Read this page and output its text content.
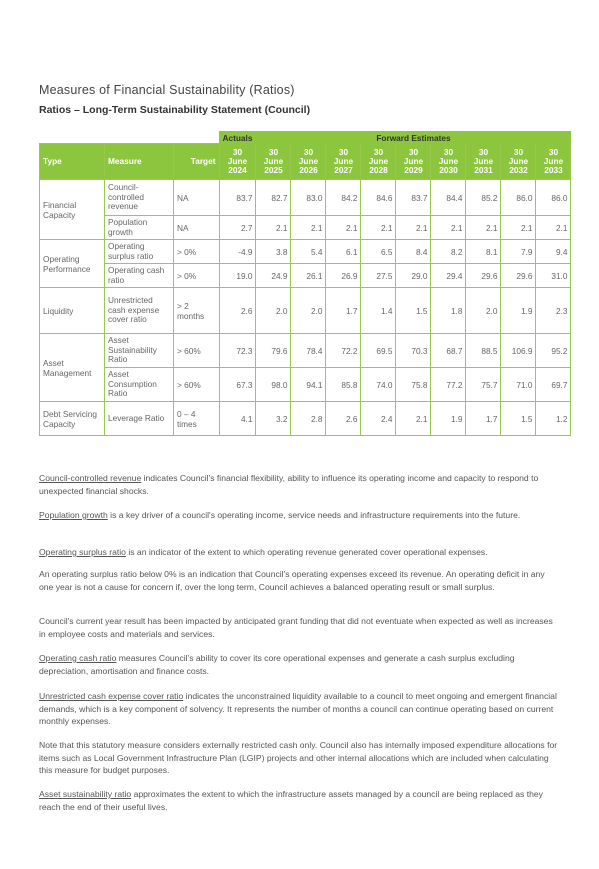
Measures of Financial Sustainability (Ratios)
Ratios – Long-Term Sustainability Statement (Council)
			Actuals	Forward Estimates								
Type	Measure	Target	30 June 2024	30 June 2025	30 June 2026	30 June 2027	30 June 2028	30 June 2029	30 June 2030	30 June 2031	30 June 2032	30 June 2033
Financial Capacity	Council-controlled revenue	NA	83.7	82.7	83.0	84.2	84.6	83.7	84.4	85.2	86.0	86.0
	Population growth	NA	2.7	2.1	2.1	2.1	2.1	2.1	2.1	2.1	2.1	2.1
Operating Performance	Operating surplus ratio	> 0%	-4.9	3.8	5.4	6.1	6.5	8.4	8.2	8.1	7.9	9.4
	Operating cash ratio	> 0%	19.0	24.9	26.1	26.9	27.5	29.0	29.4	29.6	29.6	31.0
Liquidity	Unrestricted cash expense cover ratio	> 2 months	2.6	2.0	2.0	1.7	1.4	1.5	1.8	2.0	1.9	2.3
Asset Management	Asset Sustainability Ratio	> 60%	72.3	79.6	78.4	72.2	69.5	70.3	68.7	88.5	106.9	95.2
	Asset Consumption Ratio	> 60%	67.3	98.0	94.1	85.8	74.0	75.8	77.2	75.7	71.0	69.7
Debt Servicing Capacity	Leverage Ratio	0 – 4 times	4.1	3.2	2.8	2.6	2.4	2.1	1.9	1.7	1.5	1.2

Council-controlled revenue indicates Council's financial flexibility, ability to influence its operating income and capacity to respond to unexpected financial shocks.

Population growth is a key driver of a council's operating income, service needs and infrastructure requirements into the future.

Operating surplus ratio is an indicator of the extent to which operating revenue generated cover operational expenses.

An operating surplus ratio below 0% is an indication that Council's operating expenses exceed its revenue. An operating deficit in any one year is not a cause for concern if, over the long term, Council achieves a balanced operating result or small surplus.

Council's current year result has been impacted by anticipated grant funding that did not eventuate when expected as well as increases in employee costs and materials and services.

Operating cash ratio measures Council's ability to cover its core operational expenses and generate a cash surplus excluding depreciation, amortisation and finance costs.

Unrestricted cash expense cover ratio indicates the unconstrained liquidity available to a council to meet ongoing and emergent financial demands, which is a key component of solvency. It represents the number of months a council can continue operating based on current monthly expenses.

Note that this statutory measure considers externally restricted cash only. Council also has internally imposed expenditure allocations for items such as Local Government Infrastructure Plan (LGIP) projects and other internal allocations which are included when calculating this measure for budget purposes.

Asset sustainability ratio approximates the extent to which the infrastructure assets managed by a council are being replaced as they reach the end of their useful lives.
